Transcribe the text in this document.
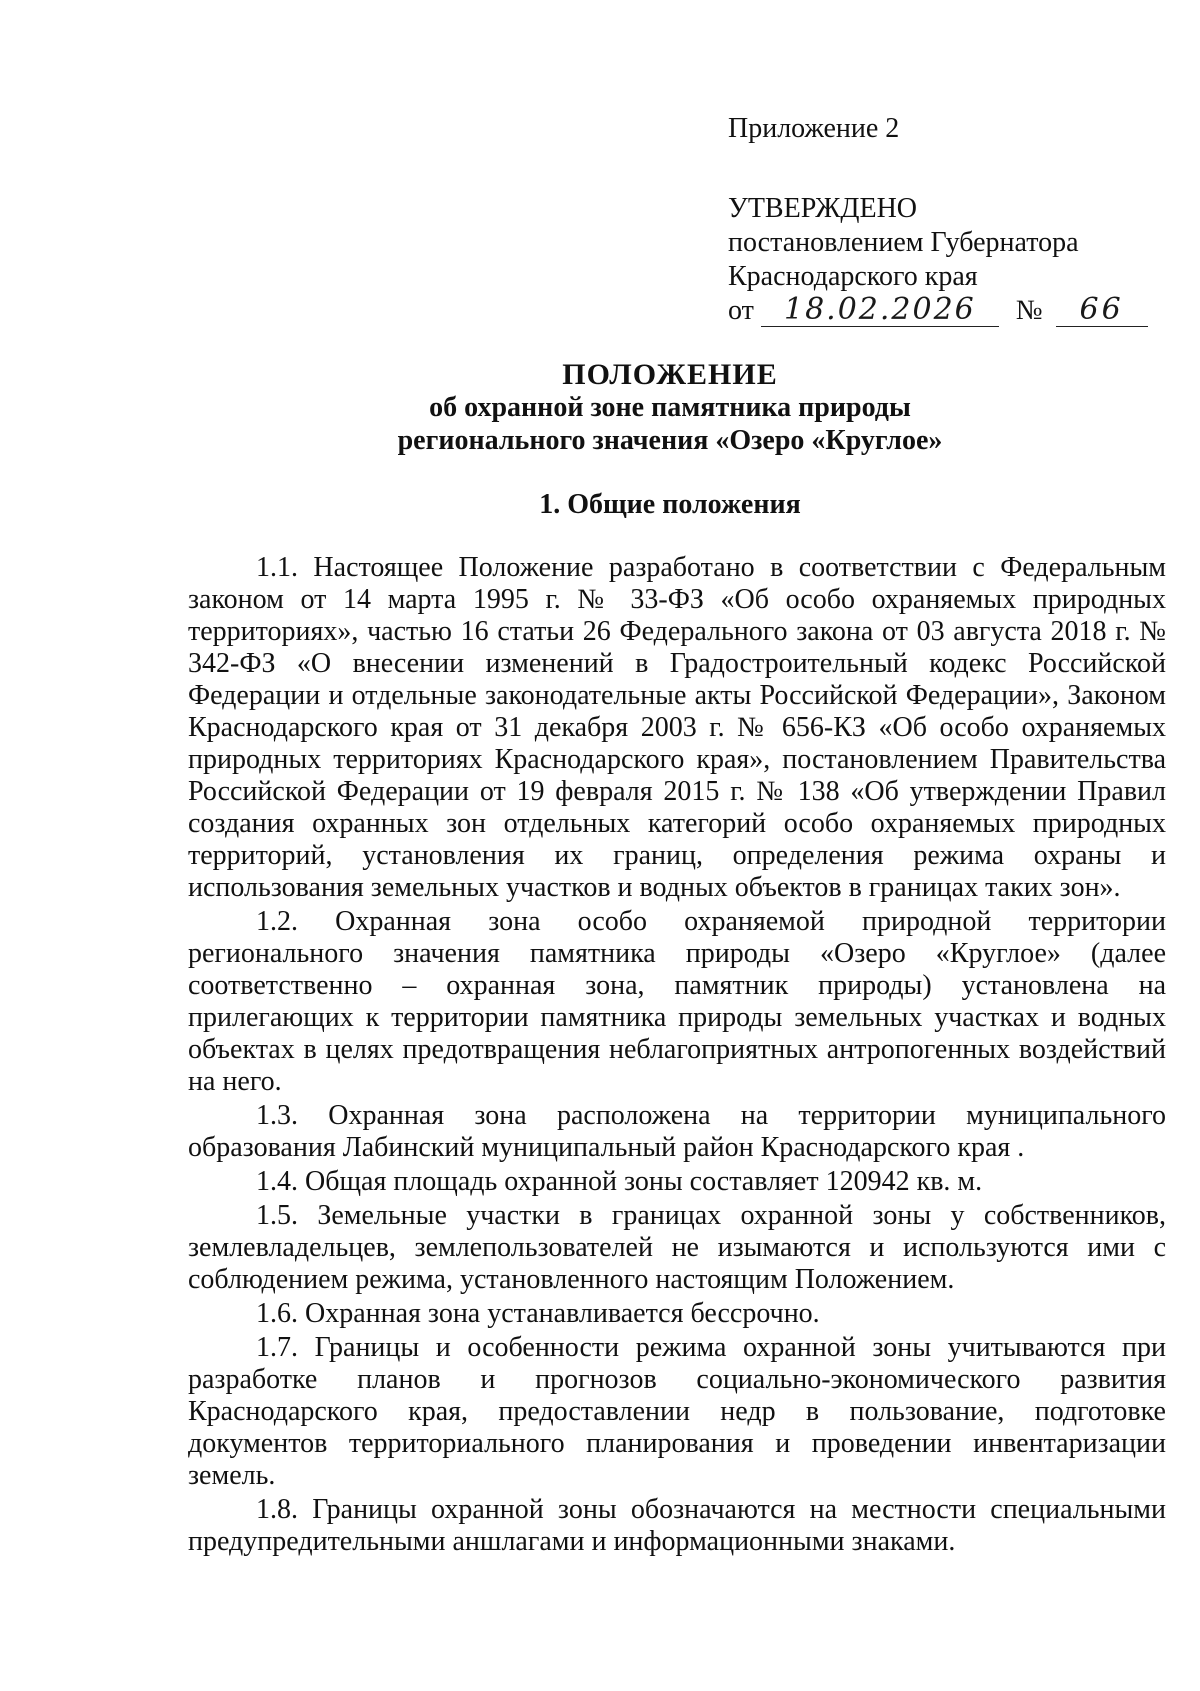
Приложение 2
УТВЕРЖДЕНО
постановлением Губернатора
Краснодарского края
от 18.02.2026 № 66
ПОЛОЖЕНИЕ
об охранной зоне памятника природы
регионального значения «Озеро «Круглое»
1. Общие положения

1.1. Настоящее Положение разработано в соответствии с Федеральным законом от 14 марта 1995 г. № 33-ФЗ «Об особо охраняемых природных территориях», частью 16 статьи 26 Федерального закона от 03 августа 2018 г. № 342-ФЗ «О внесении изменений в Градостроительный кодекс Российской Федерации и отдельные законодательные акты Российской Федерации», Законом Краснодарского края от 31 декабря 2003 г. № 656-КЗ «Об особо охраняемых природных территориях Краснодарского края», постановлением Правительства Российской Федерации от 19 февраля 2015 г. № 138 «Об утверждении Правил создания охранных зон отдельных категорий особо охраняемых природных территорий, установления их границ, определения режима охраны и использования земельных участков и водных объектов в границах таких зон».

1.2. Охранная зона особо охраняемой природной территории регионального значения памятника природы «Озеро «Круглое» (далее соответственно – охранная зона, памятник природы) установлена на прилегающих к территории памятника природы земельных участках и водных объектах в целях предотвращения неблагоприятных антропогенных воздействий на него.

1.3. Охранная зона расположена на территории муниципального образования Лабинский муниципальный район Краснодарского края .

1.4. Общая площадь охранной зоны составляет 120942 кв. м.

1.5. Земельные участки в границах охранной зоны у собственников, землевладельцев, землепользователей не изымаются и используются ими с соблюдением режима, установленного настоящим Положением.

1.6. Охранная зона устанавливается бессрочно.

1.7. Границы и особенности режима охранной зоны учитываются при разработке планов и прогнозов социально-экономического развития Краснодарского края, предоставлении недр в пользование, подготовке документов территориального планирования и проведении инвентаризации земель.

1.8. Границы охранной зоны обозначаются на местности специальными предупредительными аншлагами и информационными знаками.
